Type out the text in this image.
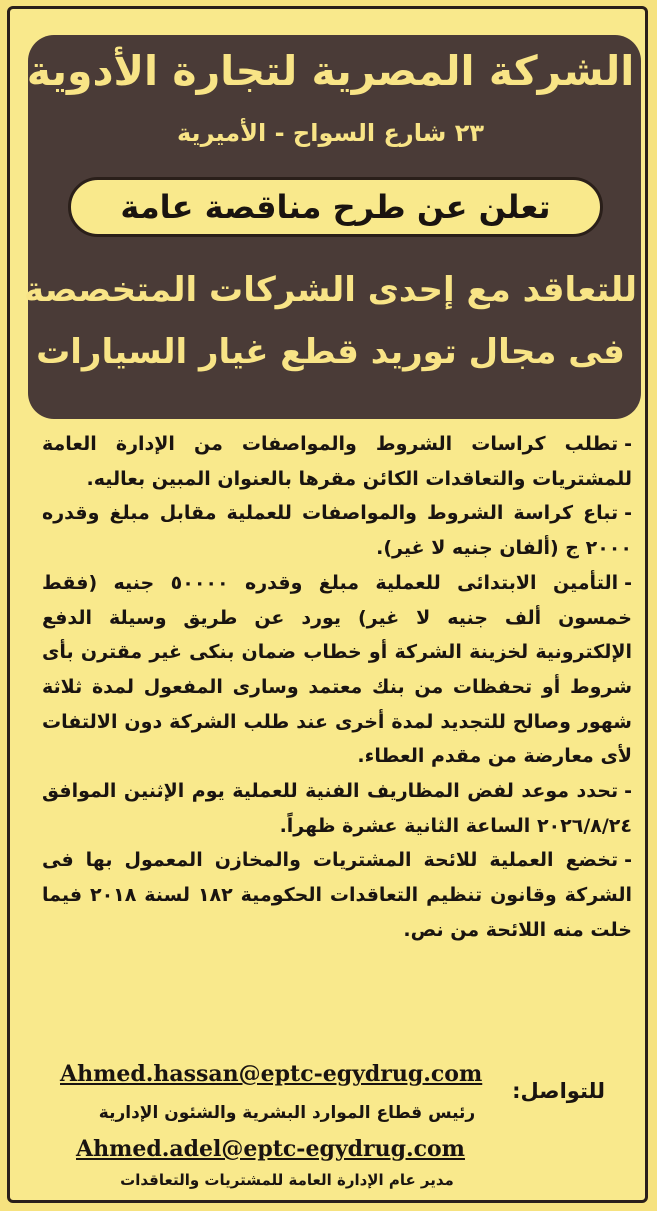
الشركة المصرية لتجارة الأدوية
٢٣ شارع السواح - الأميرية
تعلن عن طرح مناقصة عامة
للتعاقد مع إحدى الشركات المتخصصة
فى مجال توريد قطع غيار السيارات

-تطلب كراسات الشروط والمواصفات من الإدارة العامة للمشتريات والتعاقدات الكائن مقرها بالعنوان المبين بعاليه.

-تباع كراسة الشروط والمواصفات للعملية مقابل مبلغ وقدره ٢٠٠٠ ج (ألفان جنيه لا غير).

-التأمين الابتدائى للعملية مبلغ وقدره ٥٠٠٠٠ جنيه (فقط خمسون ألف جنيه لا غير) يورد عن طريق وسيلة الدفع الإلكترونية لخزينة الشركة أو خطاب ضمان بنكى غير مقترن بأى شروط أو تحفظات من بنك معتمد وسارى المفعول لمدة ثلاثة شهور وصالح للتجديد لمدة أخرى عند طلب الشركة دون الالتفات لأى معارضة من مقدم العطاء.

-تحدد موعد لفض المظاريف الفنية للعملية يوم الإثنين الموافق ٢٠٢٦/٨/٢٤ الساعة الثانية عشرة ظهراً.

-تخضع العملية للائحة المشتريات والمخازن المعمول بها فى الشركة وقانون تنظيم التعاقدات الحكومية ١٨٢ لسنة ٢٠١٨ فيما خلت منه اللائحة من نص.

للتواصل:
Ahmed.hassan@eptc-egydrug.com
رئيس قطاع الموارد البشرية والشئون الإدارية
Ahmed.adel@eptc-egydrug.com
مدير عام الإدارة العامة للمشتريات والتعاقدات
